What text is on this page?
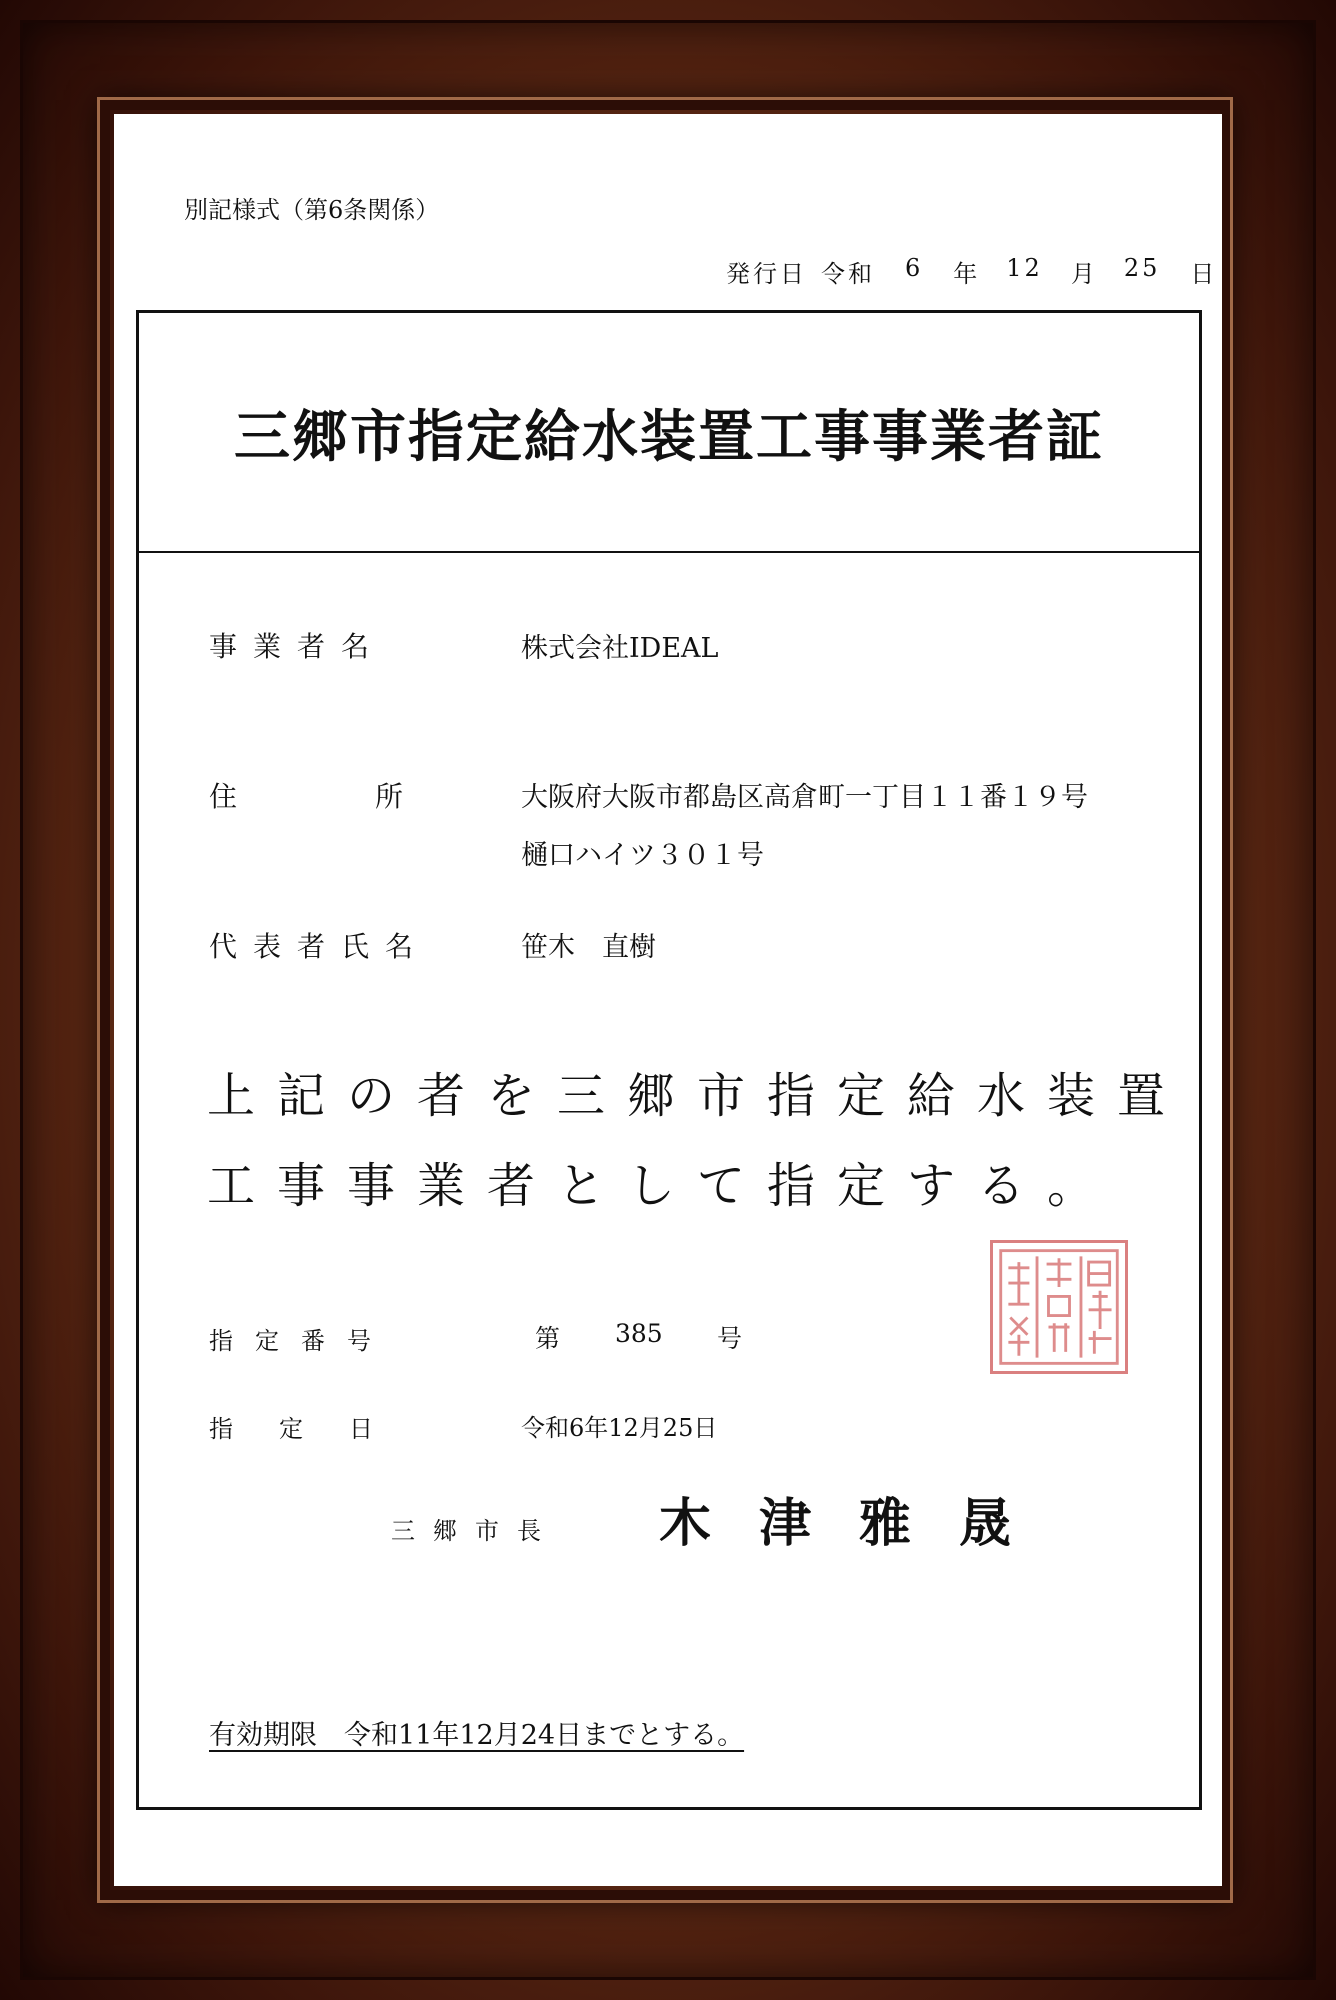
別記様式（第6条関係）
発行日 令和 6 年 12 月 25 日
三郷市指定給水装置工事事業者証
事業者名	株式会社IDEAL
住	所	大阪府大阪市都島区高倉町一丁目１１番１９号
樋口ハイツ３０１号
代表者氏名	笹木　直樹
上記の者を三郷市指定給水装置
工事事業者として指定する。
指定番号	第 385 号
指定日	令和6年12月25日
三郷市長 木津雅晟
有効期限　令和11年12月24日までとする。
